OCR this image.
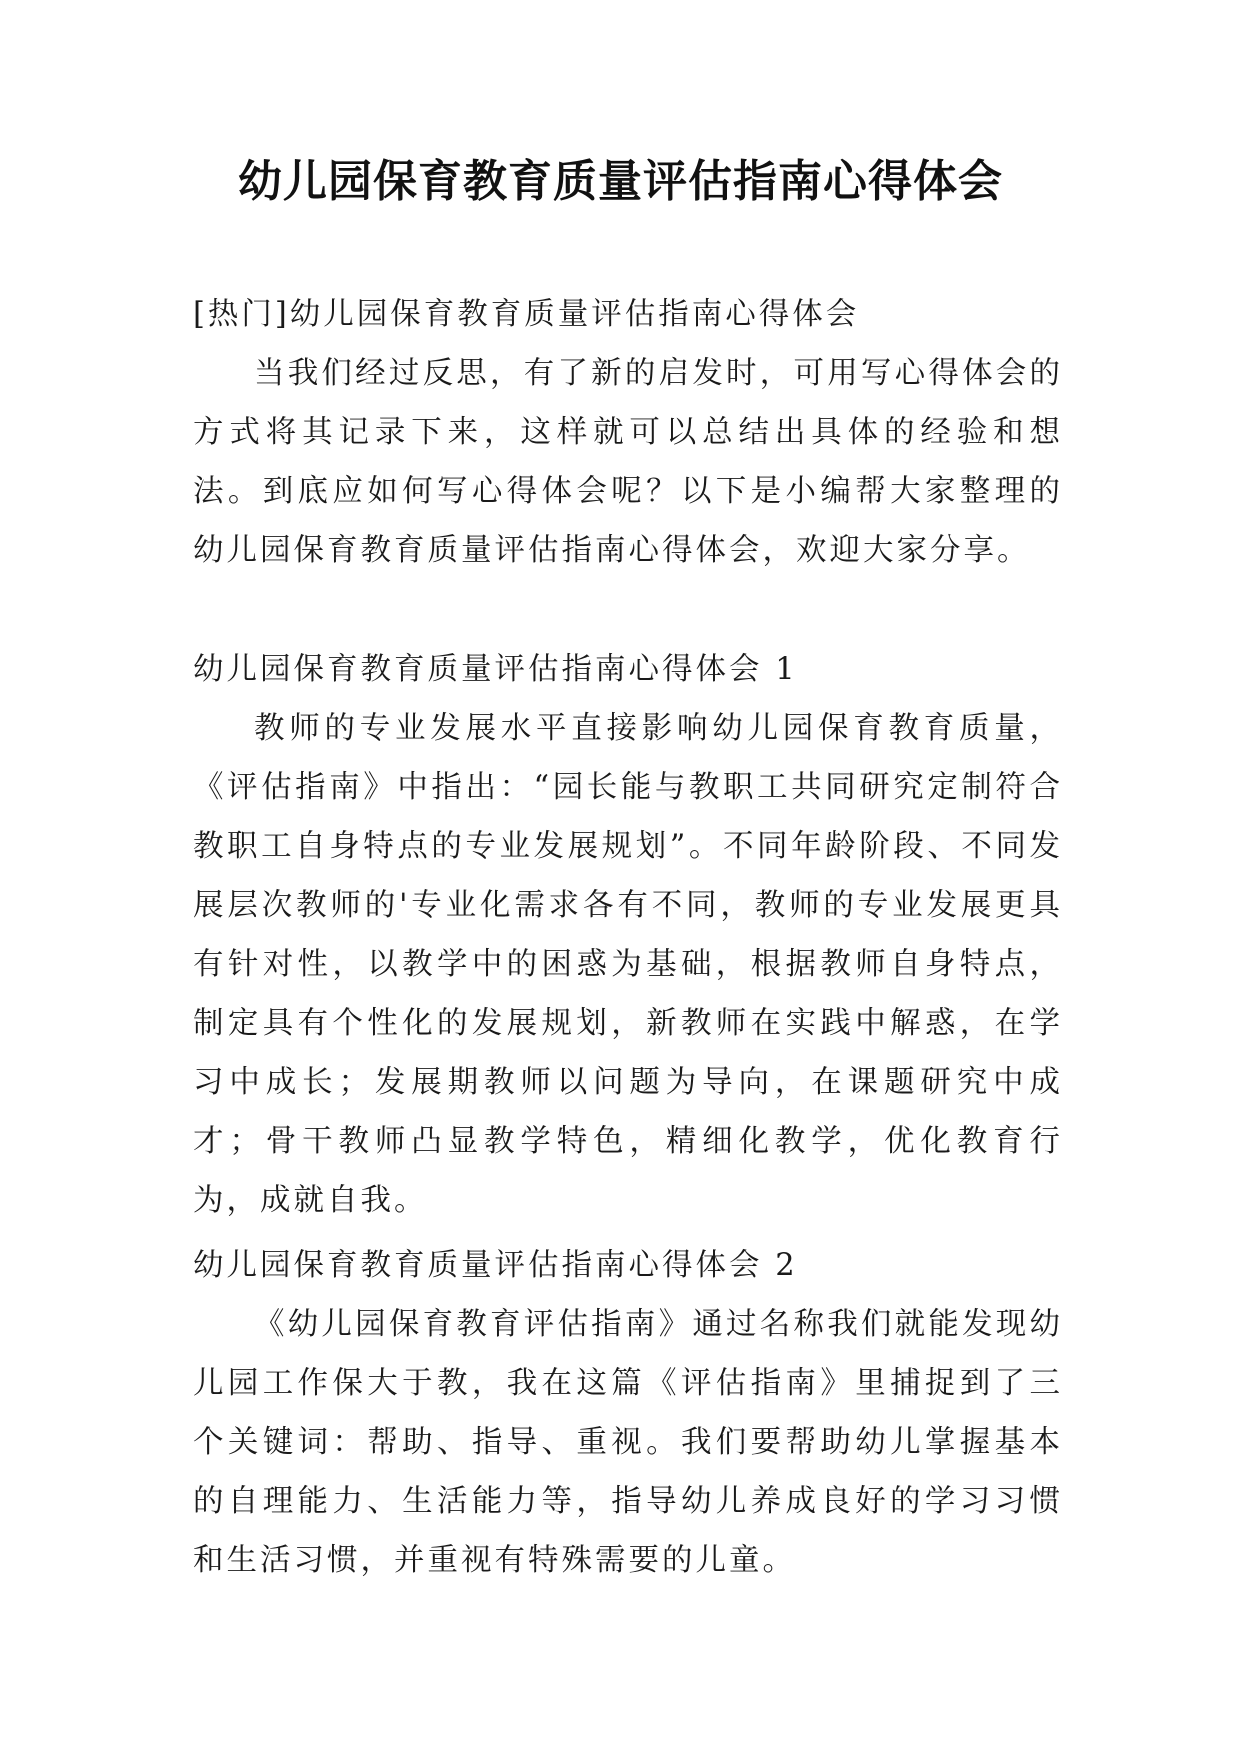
幼儿园保育教育质量评估指南心得体会

[热门]幼儿园保育教育质量评估指南心得体会

当我们经过反思，有了新的启发时，可用写心得体会的方式将其记录下来，这样就可以总结出具体的经验和想法。到底应如何写心得体会呢？以下是小编帮大家整理的幼儿园保育教育质量评估指南心得体会，欢迎大家分享。

幼儿园保育教育质量评估指南心得体会 1

教师的专业发展水平直接影响幼儿园保育教育质量，《评估指南》中指出：“园长能与教职工共同研究定制符合教职工自身特点的专业发展规划”。不同年龄阶段、不同发展层次教师的'专业化需求各有不同，教师的专业发展更具有针对性，以教学中的困惑为基础，根据教师自身特点，制定具有个性化的发展规划，新教师在实践中解惑，在学习中成长；发展期教师以问题为导向，在课题研究中成才；骨干教师凸显教学特色，精细化教学，优化教育行为，成就自我。

幼儿园保育教育质量评估指南心得体会 2

《幼儿园保育教育评估指南》通过名称我们就能发现幼儿园工作保大于教，我在这篇《评估指南》里捕捉到了三个关键词：帮助、指导、重视。我们要帮助幼儿掌握基本的自理能力、生活能力等，指导幼儿养成良好的学习习惯和生活习惯，并重视有特殊需要的儿童。
